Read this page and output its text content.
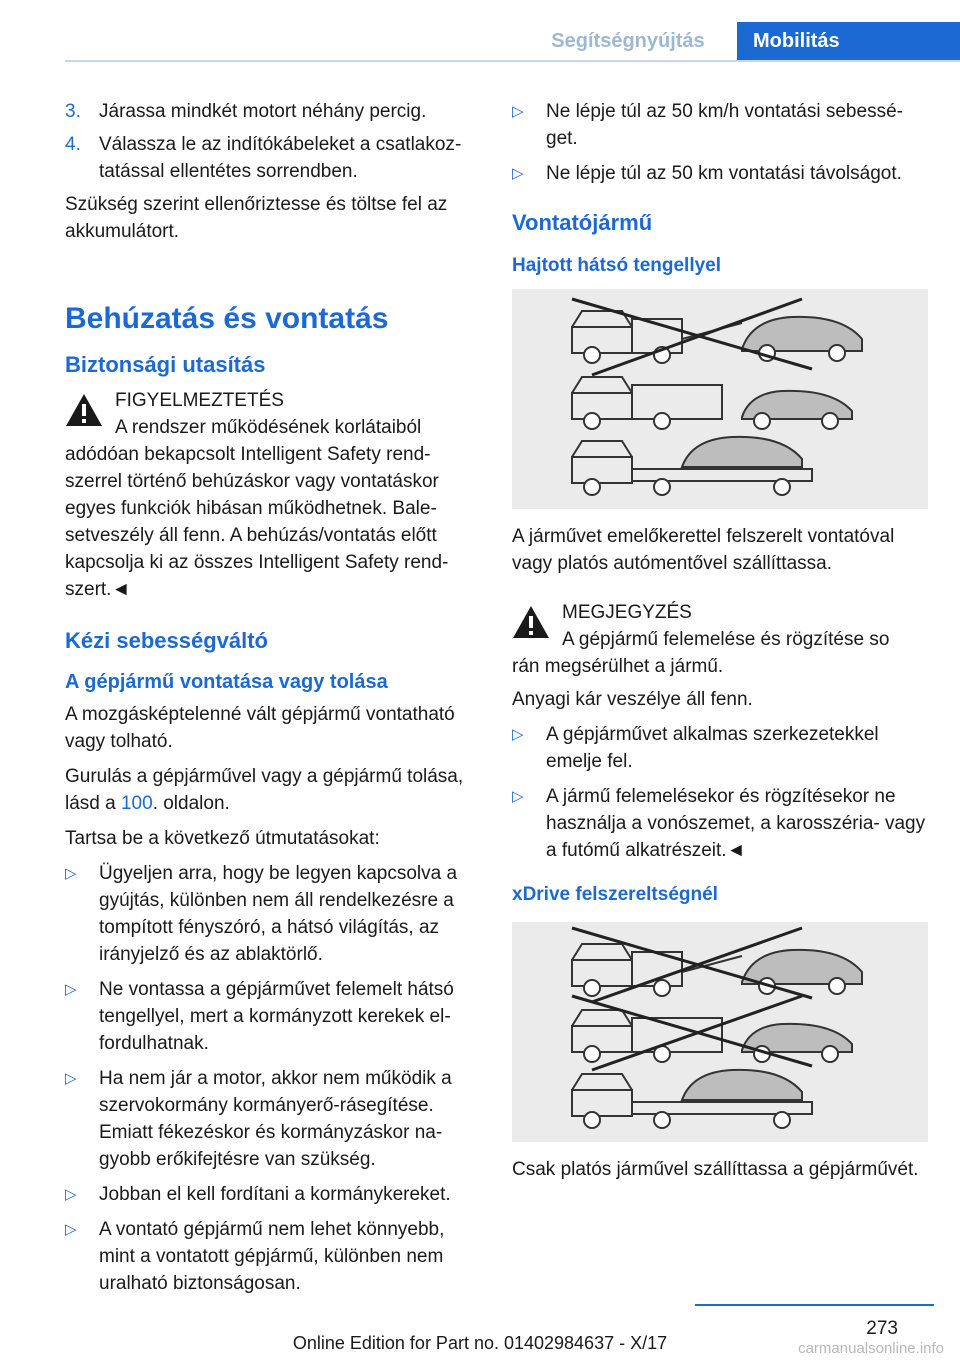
Segítségnyújtás	Mobilitás
3. Járassa mindkét motort néhány percig.
4. Válassza le az indítókábeleket a csatlakoztatással ellentétes sorrendben.

Szükség szerint ellenőriztesse és töltse fel az akkumulátort.

Behúzatás és vontatás
Biztonsági utasítás
FIGYELMEZTETÉS
A rendszer működésének korlátaiból
adódóan bekapcsolt Intelligent Safety rendszerrel történő behúzáskor vagy vontatáskor egyes funkciók hibásan működhetnek. Balesetveszély áll fenn. A behúzás/vontatás előtt kapcsolja ki az összes Intelligent Safety rendszert.◄
Kézi sebességváltó
A gépjármű vontatása vagy tolása

A mozgásképtelenné vált gépjármű vontatható vagy tolható.

Gurulás a gépjárművel vagy a gépjármű tolása, lásd a 100. oldalon.

Tartsa be a következő útmutatásokat:

▷ Ügyeljen arra, hogy be legyen kapcsolva a gyújtás, különben nem áll rendelkezésre a tompított fényszóró, a hátsó világítás, az irányjelző és az ablaktörlő.
▷ Ne vontassa a gépjárművet felemelt hátsó tengellyel, mert a kormányzott kerekek elfordulhatnak.
▷ Ha nem jár a motor, akkor nem működik a szervokormány kormányerő-rásegítése. Emiatt fékezéskor és kormányzáskor nagyobb erőkifejtésre van szükség.
▷ Jobban el kell fordítani a kormánykereket.
▷ A vontató gépjármű nem lehet könnyebb, mint a vontatott gépjármű, különben nem uralható biztonságosan.
▷ Ne lépje túl az 50 km/h vontatási sebességet.
▷ Ne lépje túl az 50 km vontatási távolságot.
Vontatójármű
Hajtott hátsó tengellyel

A járművet emelőkerettel felszerelt vontatóval vagy platós autómentővel szállíttassa.

MEGJEGYZÉS
A gépjármű felemelése és rögzítése so
rán megsérülhet a jármű.

Anyagi kár veszélye áll fenn.

▷ A gépjárművet alkalmas szerkezetekkel emelje fel.
▷ A jármű felemelésekor és rögzítésekor ne használja a vonószemet, a karosszéria- vagy a futómű alkatrészeit.◄
xDrive felszereltségnél

Csak platós járművel szállíttassa a gépjárművét.

273
Online Edition for Part no. 01402984637 - X/17	carmanualsonline.info
